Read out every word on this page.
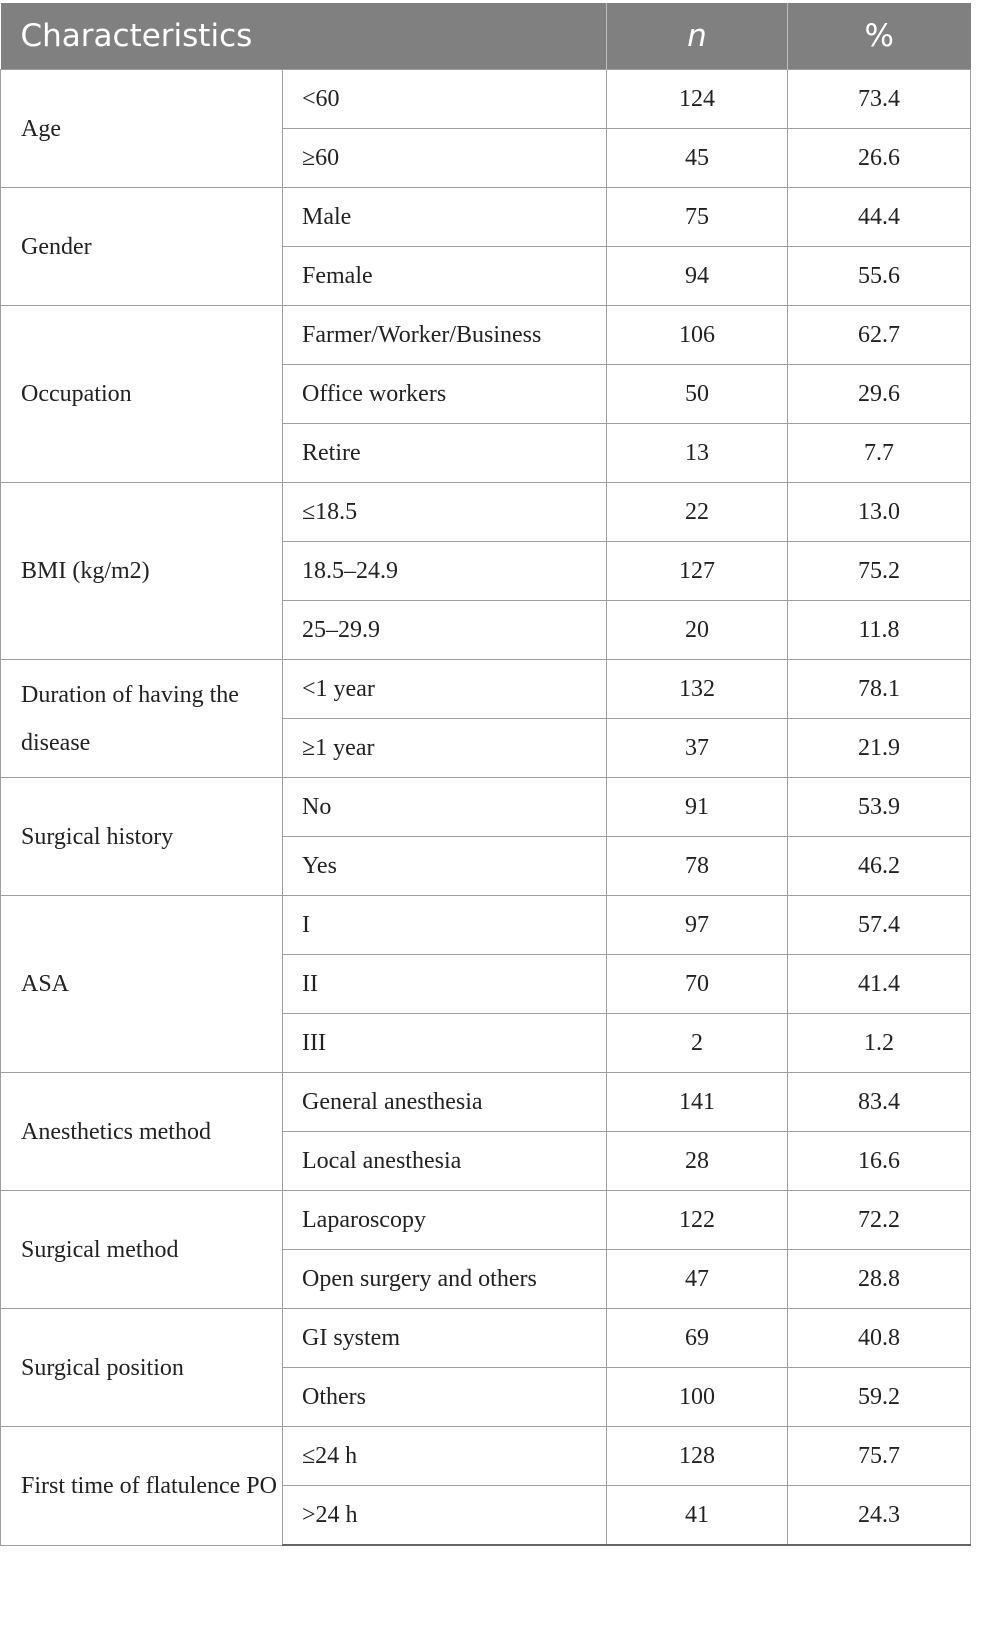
Characteristics		n	%
Age	<60	124	73.4
	≥60	45	26.6
Gender	Male	75	44.4
	Female	94	55.6
Occupation	Farmer/Worker/Business	106	62.7
	Office workers	50	29.6
	Retire	13	7.7
BMI (kg/m2)	≤18.5	22	13.0
	18.5–24.9	127	75.2
	25–29.9	20	11.8
Duration of having the disease	<1 year	132	78.1
	≥1 year	37	21.9
Surgical history	No	91	53.9
	Yes	78	46.2
ASA	I	97	57.4
	II	70	41.4
	III	2	1.2
Anesthetics method	General anesthesia	141	83.4
	Local anesthesia	28	16.6
Surgical method	Laparoscopy	122	72.2
	Open surgery and others	47	28.8
Surgical position	GI system	69	40.8
	Others	100	59.2
First time of flatulence PO	≤24 h	128	75.7
	>24 h	41	24.3
